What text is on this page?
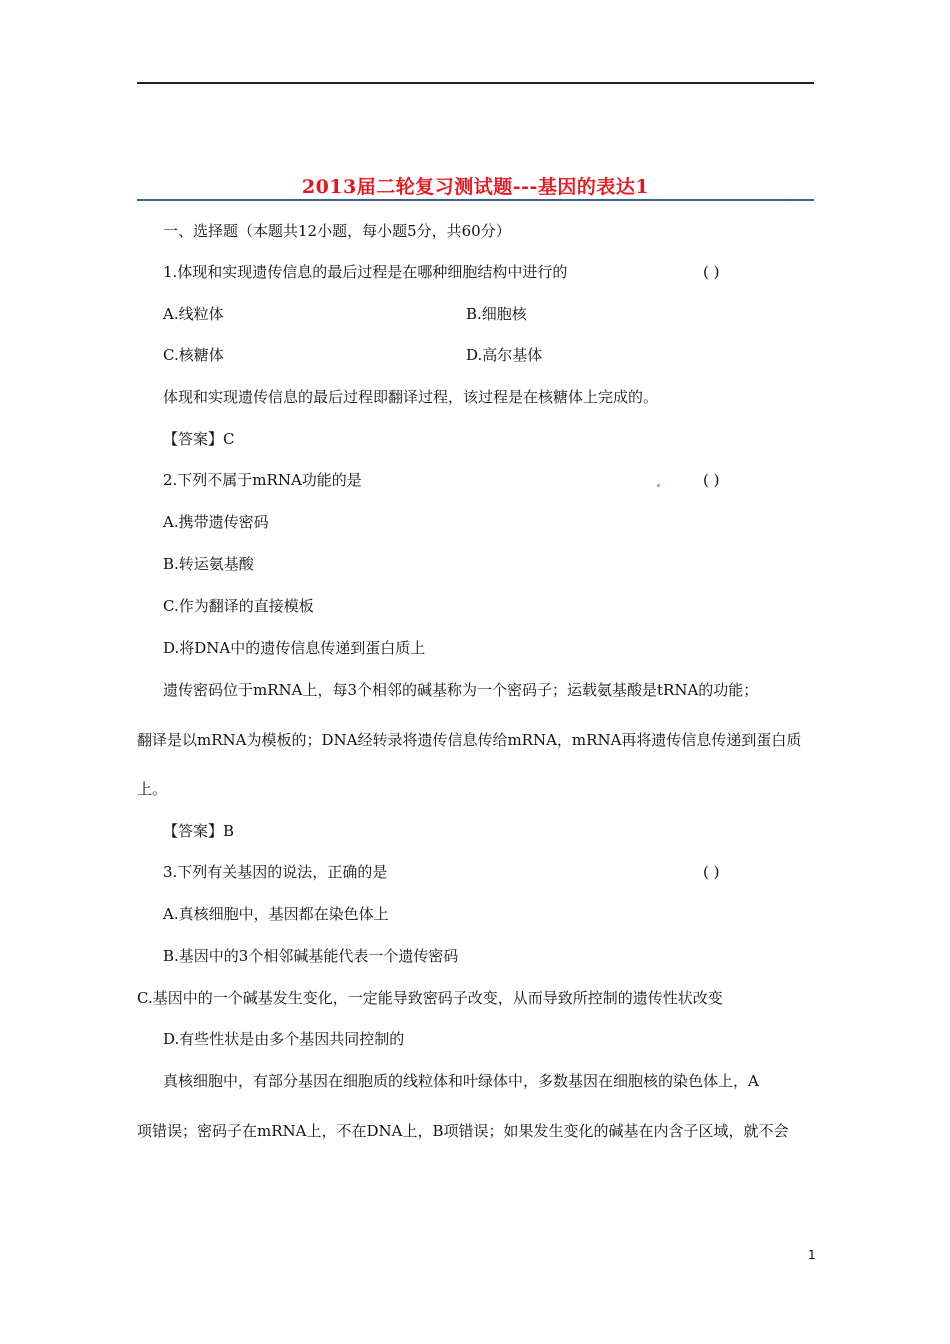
2013届二轮复习测试题---基因的表达1
一、选择题（本题共12小题，每小题5分，共60分）
1.体现和实现遗传信息的最后过程是在哪种细胞结构中进行的	( )
A.线粒体	B.细胞核
C.核糖体	D.高尔基体
体现和实现遗传信息的最后过程即翻译过程，该过程是在核糖体上完成的。
【答案】C
2.下列不属于mRNA功能的是	( )
A.携带遗传密码
B.转运氨基酸
C.作为翻译的直接模板
D.将DNA中的遗传信息传递到蛋白质上
遗传密码位于mRNA上，每3个相邻的碱基称为一个密码子；运载氨基酸是tRNA的功能；
翻译是以mRNA为模板的；DNA经转录将遗传信息传给mRNA，mRNA再将遗传信息传递到蛋白质
上。
【答案】B
3.下列有关基因的说法，正确的是	( )
A.真核细胞中，基因都在染色体上
B.基因中的3个相邻碱基能代表一个遗传密码
C.基因中的一个碱基发生变化，一定能导致密码子改变，从而导致所控制的遗传性状改变
D.有些性状是由多个基因共同控制的
真核细胞中，有部分基因在细胞质的线粒体和叶绿体中，多数基因在细胞核的染色体上，A
项错误；密码子在mRNA上，不在DNA上，B项错误；如果发生变化的碱基在内含子区域，就不会
1
